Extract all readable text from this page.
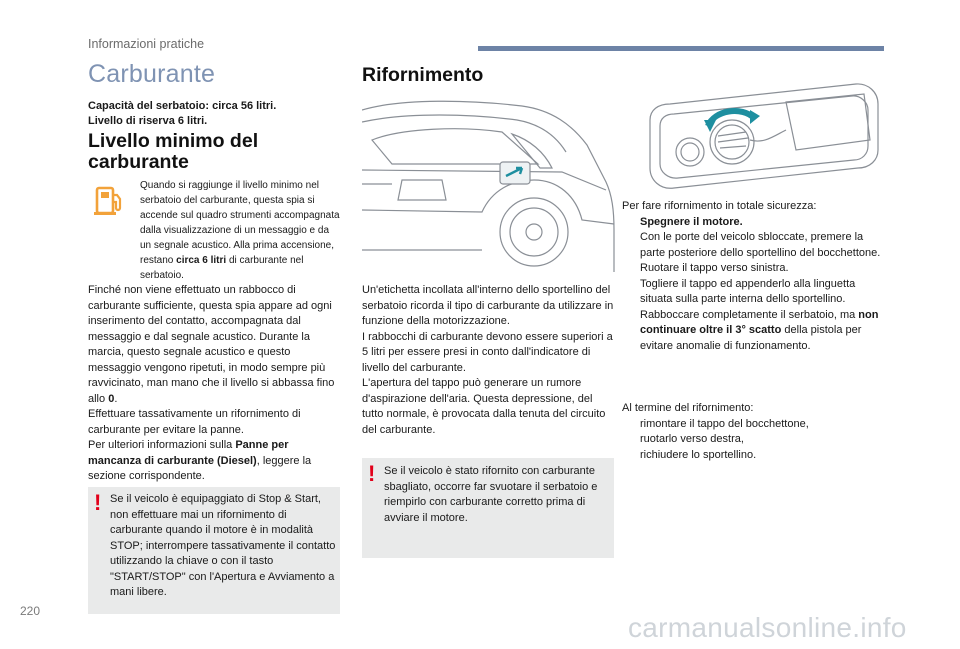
Informazioni pratiche
Carburante
Capacità del serbatoio: circa 56 litri.
Livello di riserva 6 litri.
Livello minimo del carburante
Quando si raggiunge il livello minimo nel serbatoio del carburante, questa spia si accende sul quadro strumenti accompagnata dalla visualizzazione di un messaggio e da un segnale acustico. Alla prima accensione, restano circa 6 litri di carburante nel serbatoio.
Finché non viene effettuato un rabbocco di carburante sufficiente, questa spia appare ad ogni inserimento del contatto, accompagnata dal messaggio e dal segnale acustico. Durante la marcia, questo segnale acustico e questo messaggio vengono ripetuti, in modo sempre più ravvicinato, man mano che il livello si abbassa fino allo 0.
Effettuare tassativamente un rifornimento di carburante per evitare la panne.
Per ulteriori informazioni sulla Panne per mancanza di carburante (Diesel), leggere la sezione corrispondente.
! Se il veicolo è equipaggiato di Stop & Start, non effettuare mai un rifornimento di carburante quando il motore è in modalità STOP; interrompere tassativamente il contatto utilizzando la chiave o con il tasto "START/STOP" con l'Apertura e Avviamento a mani libere.
Rifornimento
Un'etichetta incollata all'interno dello sportellino del serbatoio ricorda il tipo di carburante da utilizzare in funzione della motorizzazione.
I rabbocchi di carburante devono essere superiori a 5 litri per essere presi in conto dall'indicatore di livello del carburante.
L'apertura del tappo può generare un rumore d'aspirazione dell'aria. Questa depressione, del tutto normale, è provocata dalla tenuta del circuito del carburante.
! Se il veicolo è stato rifornito con carburante sbagliato, occorre far svuotare il serbatoio e riempirlo con carburante corretto prima di avviare il motore.
Per fare rifornimento in totale sicurezza:
Spegnere il motore.
Con le porte del veicolo sbloccate, premere la parte posteriore dello sportellino del bocchettone.
Ruotare il tappo verso sinistra.
Togliere il tappo ed appenderlo alla linguetta situata sulla parte interna dello sportellino.
Rabboccare completamente il serbatoio, ma non continuare oltre il 3° scatto della pistola per evitare anomalie di funzionamento.
Al termine del rifornimento:
rimontare il tappo del bocchettone,
ruotarlo verso destra,
richiudere lo sportellino.
220
carmanualsonline.info
